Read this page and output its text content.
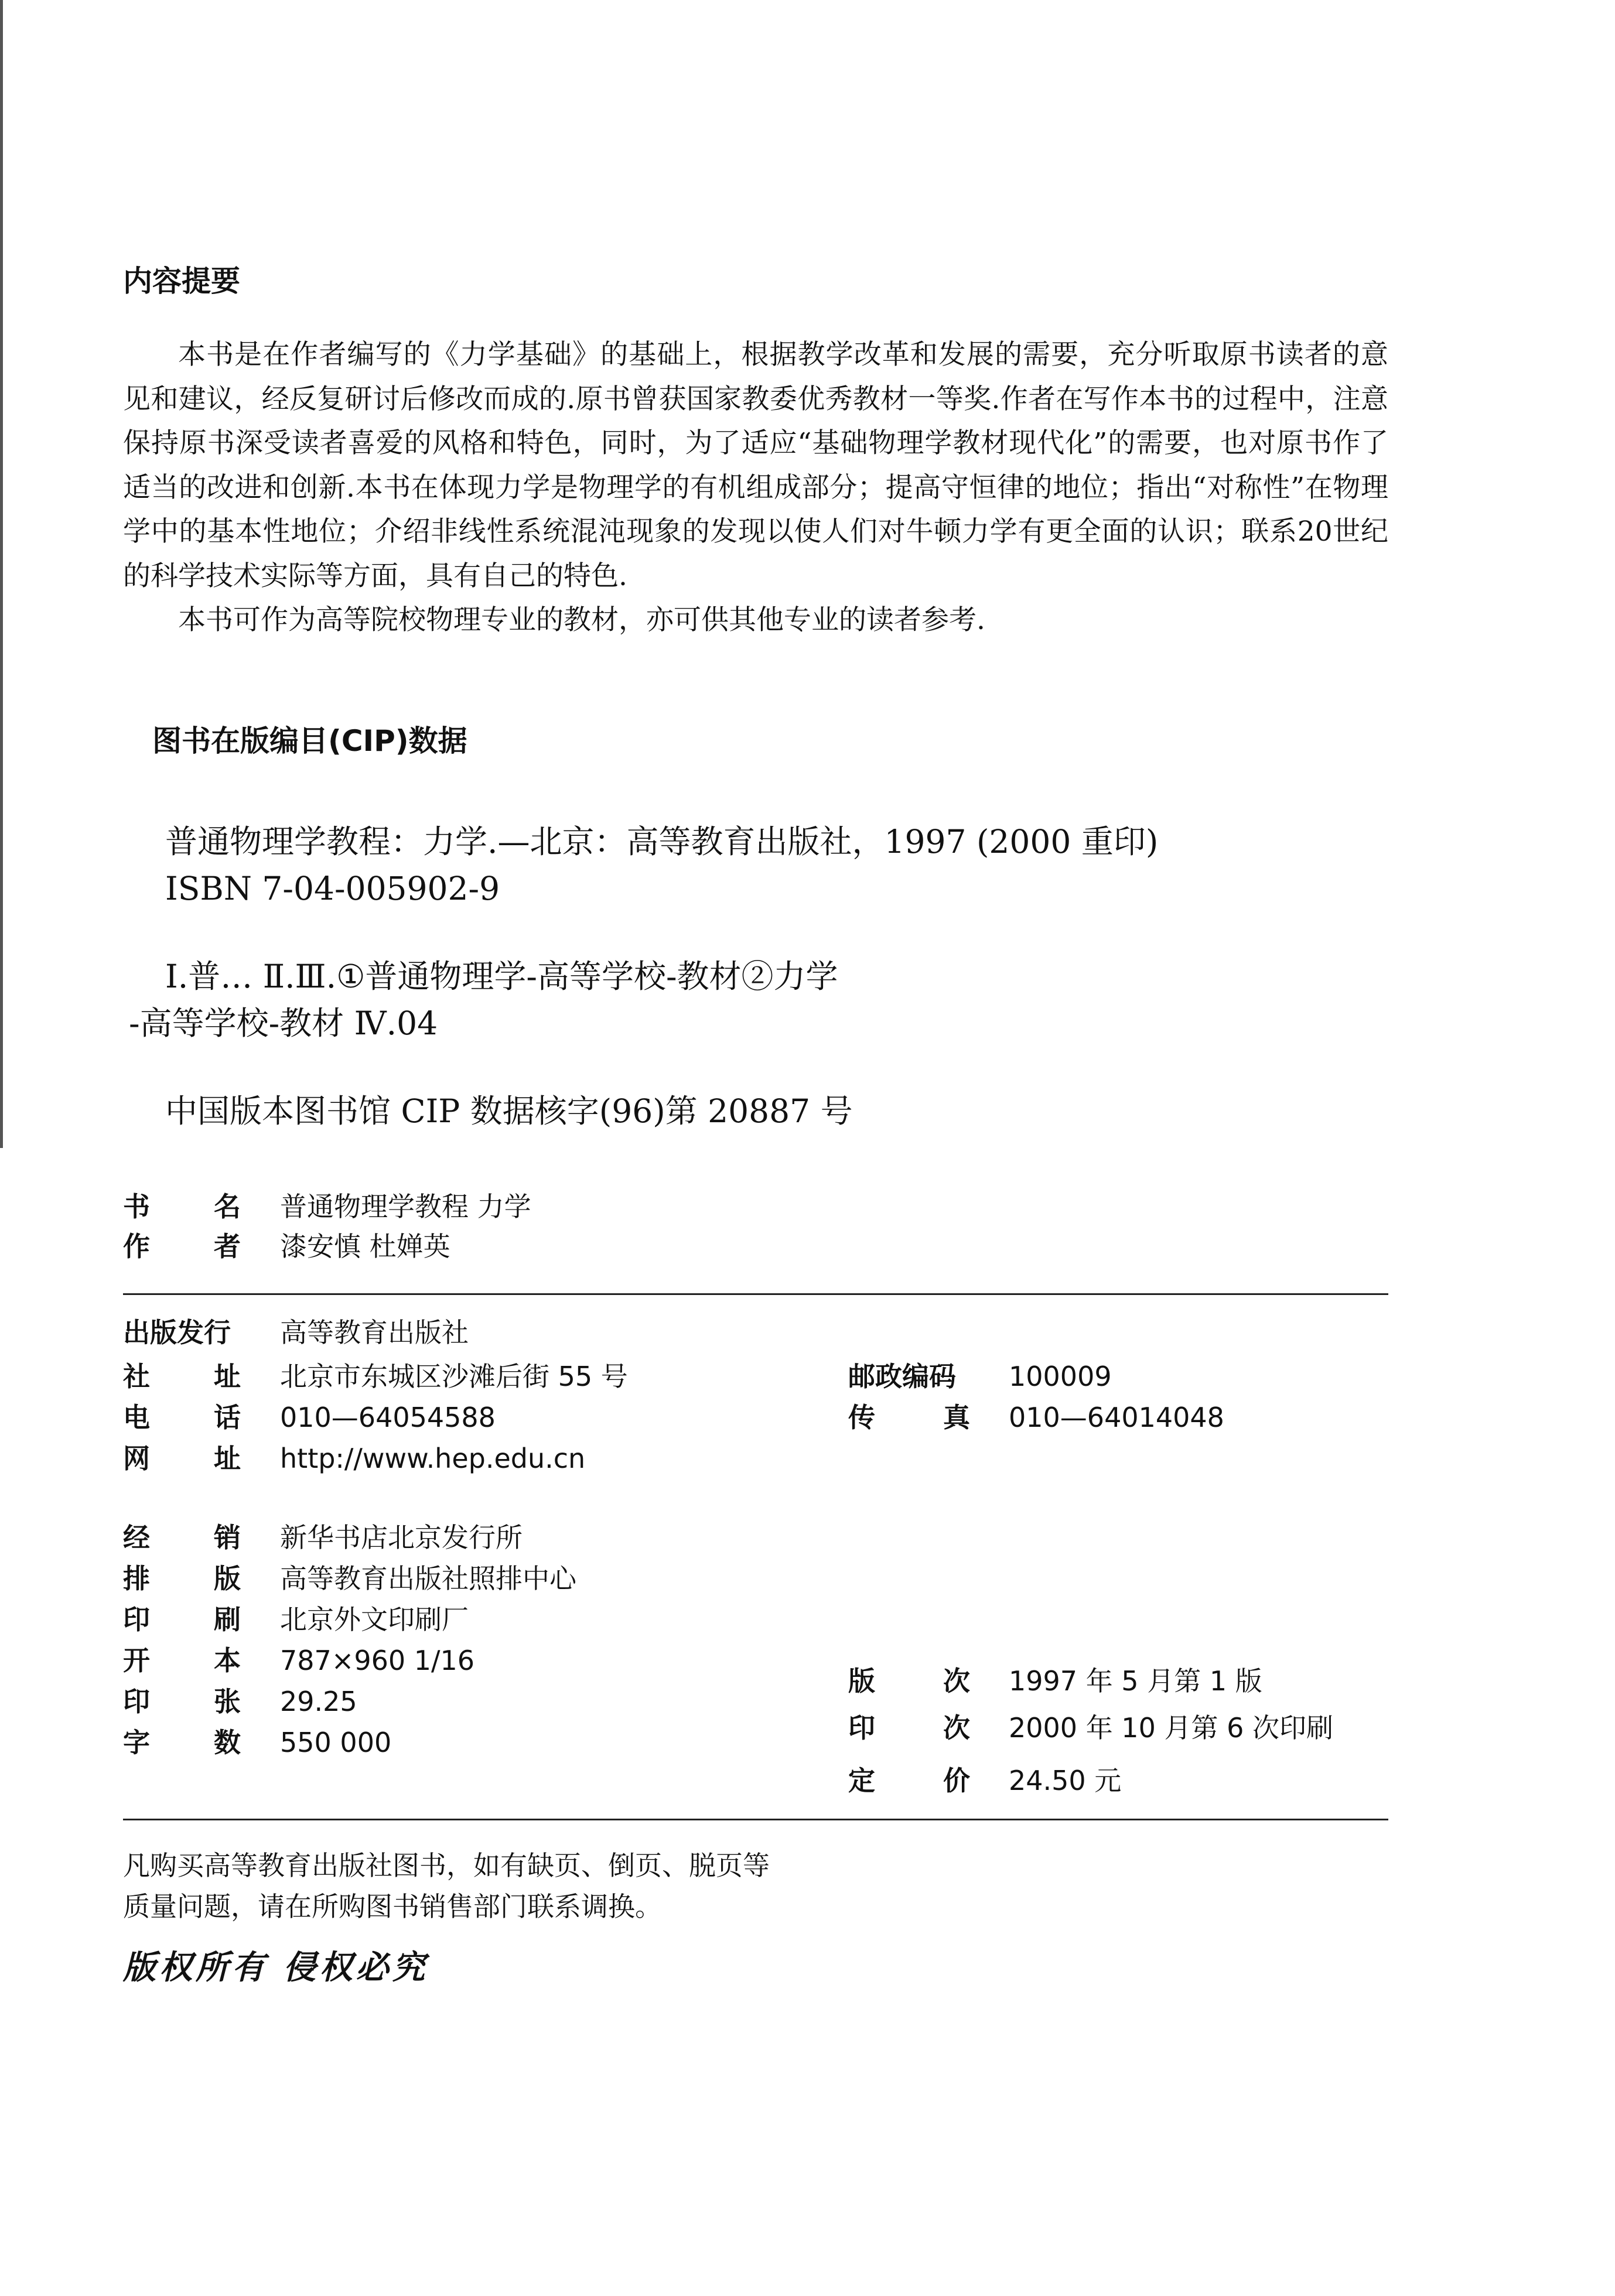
内容提要

本书是在作者编写的《力学基础》的基础上，根据教学改革和发展的需要，充分听取原书读者的意见和建议，经反复研讨后修改而成的.原书曾获国家教委优秀教材一等奖.作者在写作本书的过程中，注意保持原书深受读者喜爱的风格和特色，同时，为了适应“基础物理学教材现代化”的需要，也对原书作了适当的改进和创新.本书在体现力学是物理学的有机组成部分；提高守恒律的地位；指出“对称性”在物理学中的基本性地位；介绍非线性系统混沌现象的发现以使人们对牛顿力学有更全面的认识；联系20世纪的科学技术实际等方面，具有自己的特色.

本书可作为高等院校物理专业的教材，亦可供其他专业的读者参考.

图书在版编目(CIP)数据
普通物理学教程：力学.—北京：高等教育出版社，1997 (2000 重印)
ISBN 7-04-005902-9
Ⅰ.普… Ⅱ.Ⅲ.①普通物理学-高等学校-教材②力学
-高等学校-教材 Ⅳ.04
中国版本图书馆 CIP 数据核字(96)第 20887 号
书 名 普通物理学教程 力学
作 者 漆安慎 杜婵英
出版发行 高等教育出版社
社 址 北京市东城区沙滩后街 55 号	邮政编码 100009
电 话 010—64054588	传	真 010—64014048
网 址 http://www.hep.edu.cn
经 销 新华书店北京发行所
排 版 高等教育出版社照排中心
印 刷 北京外文印刷厂
开 本 787×960 1/16
版	次 1997 年 5 月第 1 版
印 张 29.25
印	次 2000 年 10 月第 6 次印刷
字 数 550 000
定	价 24.50 元
凡购买高等教育出版社图书，如有缺页、倒页、脱页等
质量问题，请在所购图书销售部门联系调换。
版权所有 侵权必究
